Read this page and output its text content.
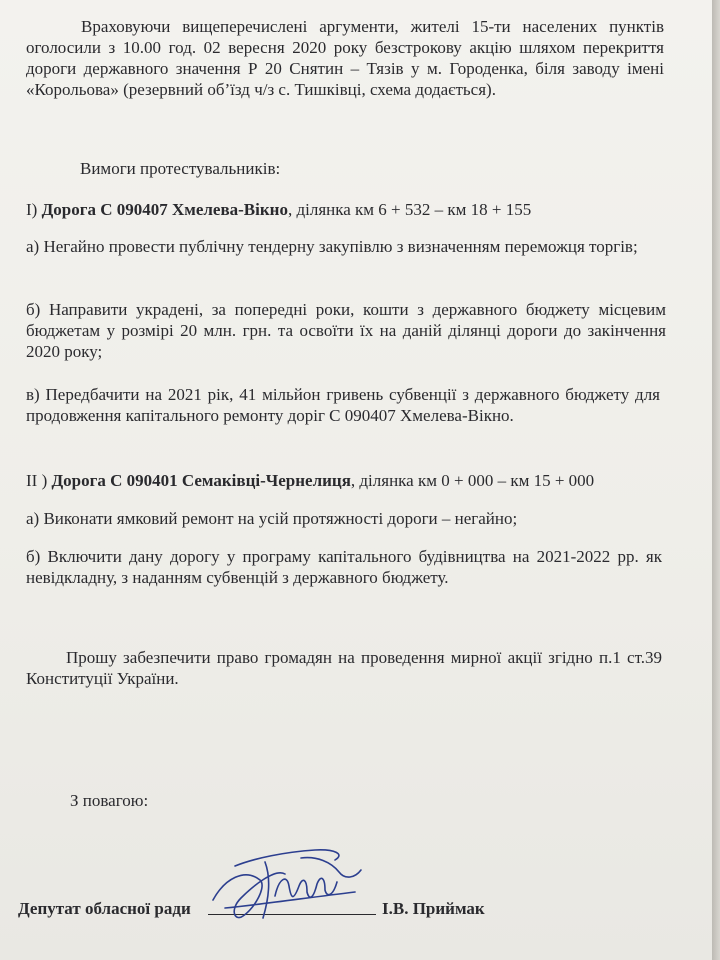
Враховуючи вищеперечислені аргументи, жителі 15-ти населених пунктів оголосили з 10.00 год. 02 вересня 2020 року безстрокову акцію шляхом перекриття дороги державного значення Р 20 Снятин – Тязів у м. Городенка, біля заводу імені «Корольова» (резервний об’їзд ч/з с. Тишківці, схема додається).

Вимоги протестувальників:

I) Дорога С 090407 Хмелева-Вікно, ділянка км 6 + 532 – км 18 + 155

а) Негайно провести публічну тендерну закупівлю з визначенням переможця торгів;

б) Направити украдені, за попередні роки, кошти з державного бюджету місцевим бюджетам у розмірі 20 млн. грн. та освоїти їх на даній ділянці дороги до закінчення 2020 року;

в) Передбачити на 2021 рік, 41 мільйон гривень субвенції з державного бюджету для продовження капітального ремонту доріг С 090407 Хмелева-Вікно.

II ) Дорога С 090401 Семаківці-Чернелиця, ділянка км 0 + 000 – км 15 + 000

а) Виконати ямковий ремонт на усій протяжності дороги – негайно;

б) Включити дану дорогу у програму капітального будівництва на 2021-2022 рр. як невідкладну, з наданням субвенцій з державного бюджету.

Прошу забезпечити право громадян на проведення мирної акції згідно п.1 ст.39 Конституції України.

З повагою:

Депутат обласної ради	І.В. Приймак
